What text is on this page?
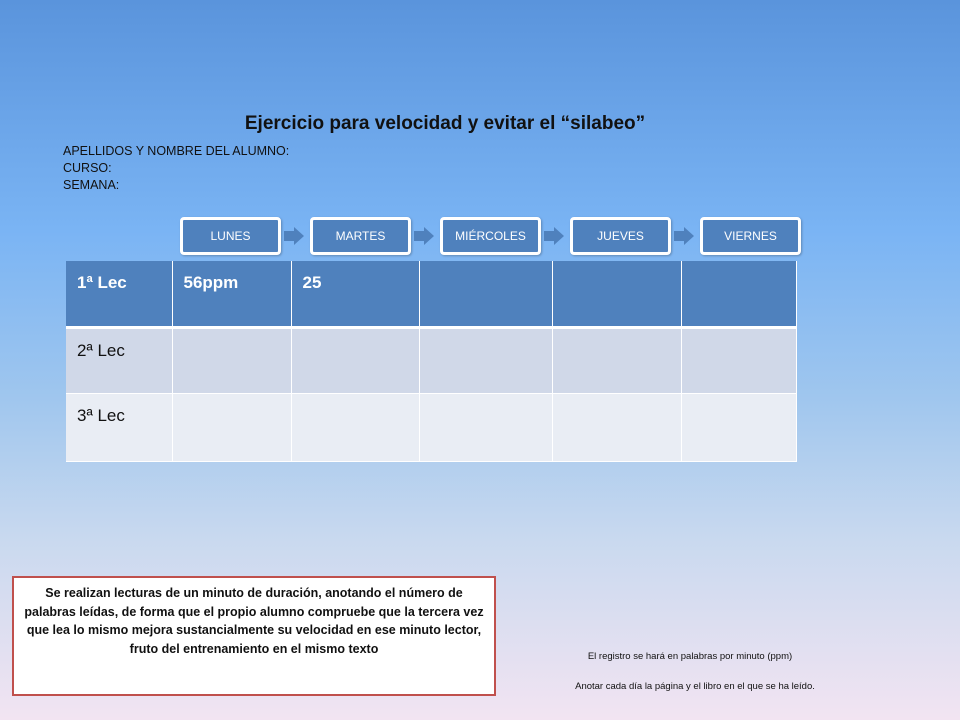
Ejercicio para velocidad y evitar el “silabeo”
APELLIDOS Y NOMBRE DEL ALUMNO:
CURSO:
SEMANA:
LUNES	MARTES	MIÉRCOLES	JUEVES	VIERNES
1ª Lec	56ppm	25			
2ª Lec					
3ª Lec					
Se realizan lecturas de un minuto de duración, anotando el número de palabras leídas, de forma que el propio alumno compruebe que la tercera vez que lea lo mismo mejora sustancialmente su velocidad en ese minuto lector, fruto del entrenamiento en el mismo texto
El registro se hará en palabras por minuto (ppm)
Anotar cada día la página y el libro en el que se ha leído.
